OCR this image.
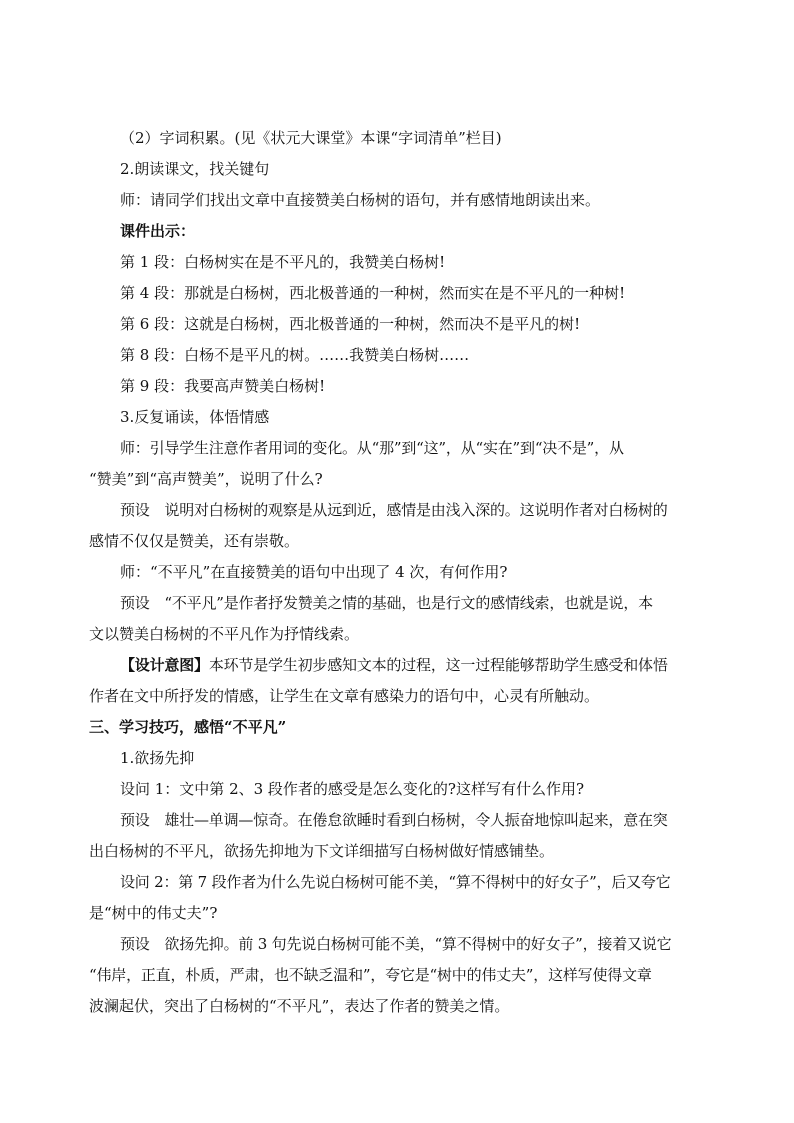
（2）字词积累。(见《状元大课堂》本课“字词清单”栏目)
2.朗读课文，找关键句
师：请同学们找出文章中直接赞美白杨树的语句，并有感情地朗读出来。
课件出示：
第 1 段：白杨树实在是不平凡的，我赞美白杨树!
第 4 段：那就是白杨树，西北极普通的一种树，然而实在是不平凡的一种树!
第 6 段：这就是白杨树，西北极普通的一种树，然而决不是平凡的树!
第 8 段：白杨不是平凡的树。……我赞美白杨树……
第 9 段：我要高声赞美白杨树!
3.反复诵读，体悟情感
师：引导学生注意作者用词的变化。从“那”到“这”，从“实在”到“决不是”，从
“赞美”到“高声赞美”，说明了什么?
预设　说明对白杨树的观察是从远到近，感情是由浅入深的。这说明作者对白杨树的
感情不仅仅是赞美，还有崇敬。
师：“不平凡”在直接赞美的语句中出现了 4 次，有何作用?
预设　“不平凡”是作者抒发赞美之情的基础，也是行文的感情线索，也就是说，本
文以赞美白杨树的不平凡作为抒情线索。
【设计意图】本环节是学生初步感知文本的过程，这一过程能够帮助学生感受和体悟
作者在文中所抒发的情感，让学生在文章有感染力的语句中，心灵有所触动。
三、学习技巧，感悟“不平凡”
1.欲扬先抑
设问 1：文中第 2、3 段作者的感受是怎么变化的?这样写有什么作用?
预设　雄壮—单调—惊奇。在倦怠欲睡时看到白杨树，令人振奋地惊叫起来，意在突
出白杨树的不平凡，欲扬先抑地为下文详细描写白杨树做好情感铺垫。
设问 2：第 7 段作者为什么先说白杨树可能不美，“算不得树中的好女子”，后又夸它
是“树中的伟丈夫”?
预设　欲扬先抑。前 3 句先说白杨树可能不美，“算不得树中的好女子”，接着又说它
“伟岸，正直，朴质，严肃，也不缺乏温和”，夸它是“树中的伟丈夫”，这样写使得文章
波澜起伏，突出了白杨树的“不平凡”，表达了作者的赞美之情。
